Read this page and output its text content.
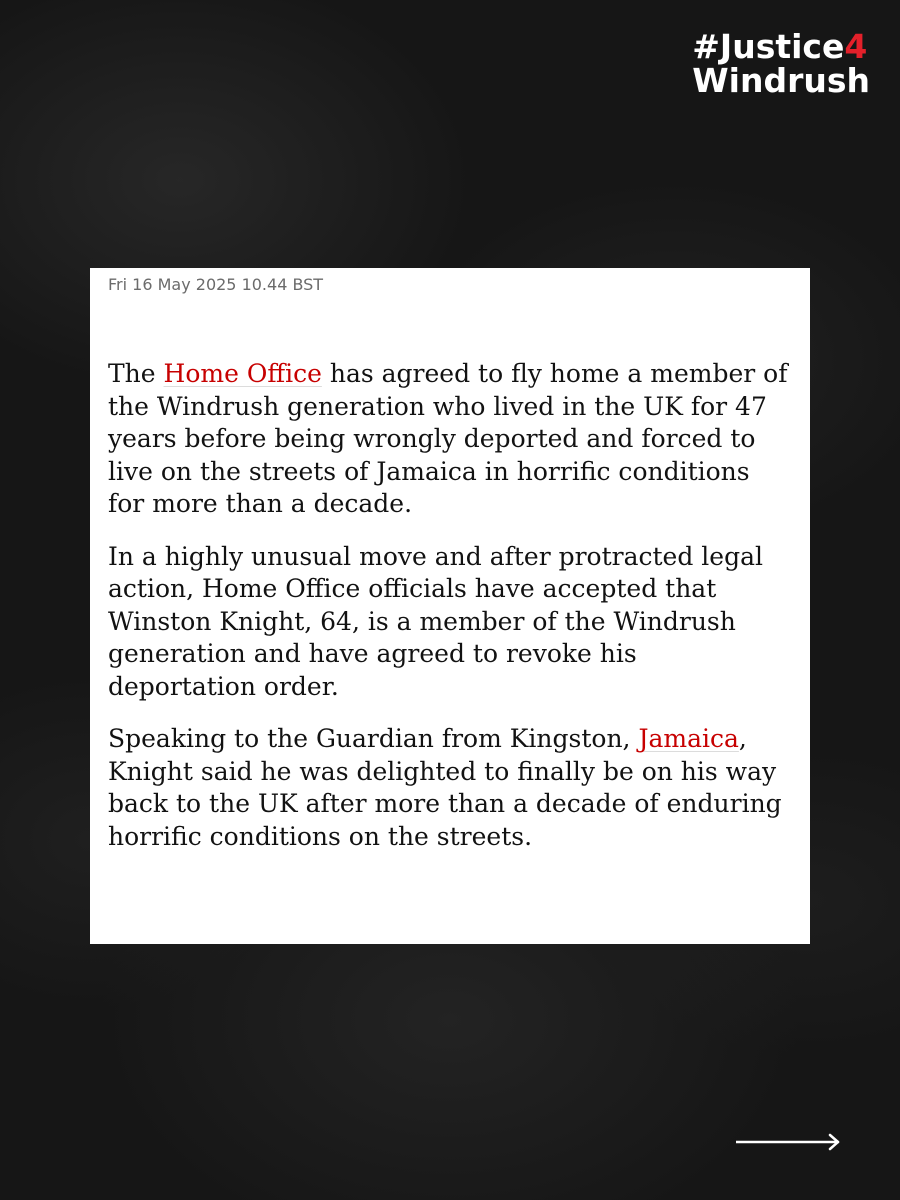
#Justice4
Windrush
Fri 16 May 2025 10.44 BST

The Home Office has agreed to fly home a member of the Windrush generation who lived in the UK for 47 years before being wrongly deported and forced to live on the streets of Jamaica in horrific conditions for more than a decade.

In a highly unusual move and after protracted legal action, Home Office officials have accepted that Winston Knight, 64, is a member of the Windrush generation and have agreed to revoke his deportation order.

Speaking to the Guardian from Kingston, Jamaica, Knight said he was delighted to finally be on his way back to the UK after more than a decade of enduring horrific conditions on the streets.
